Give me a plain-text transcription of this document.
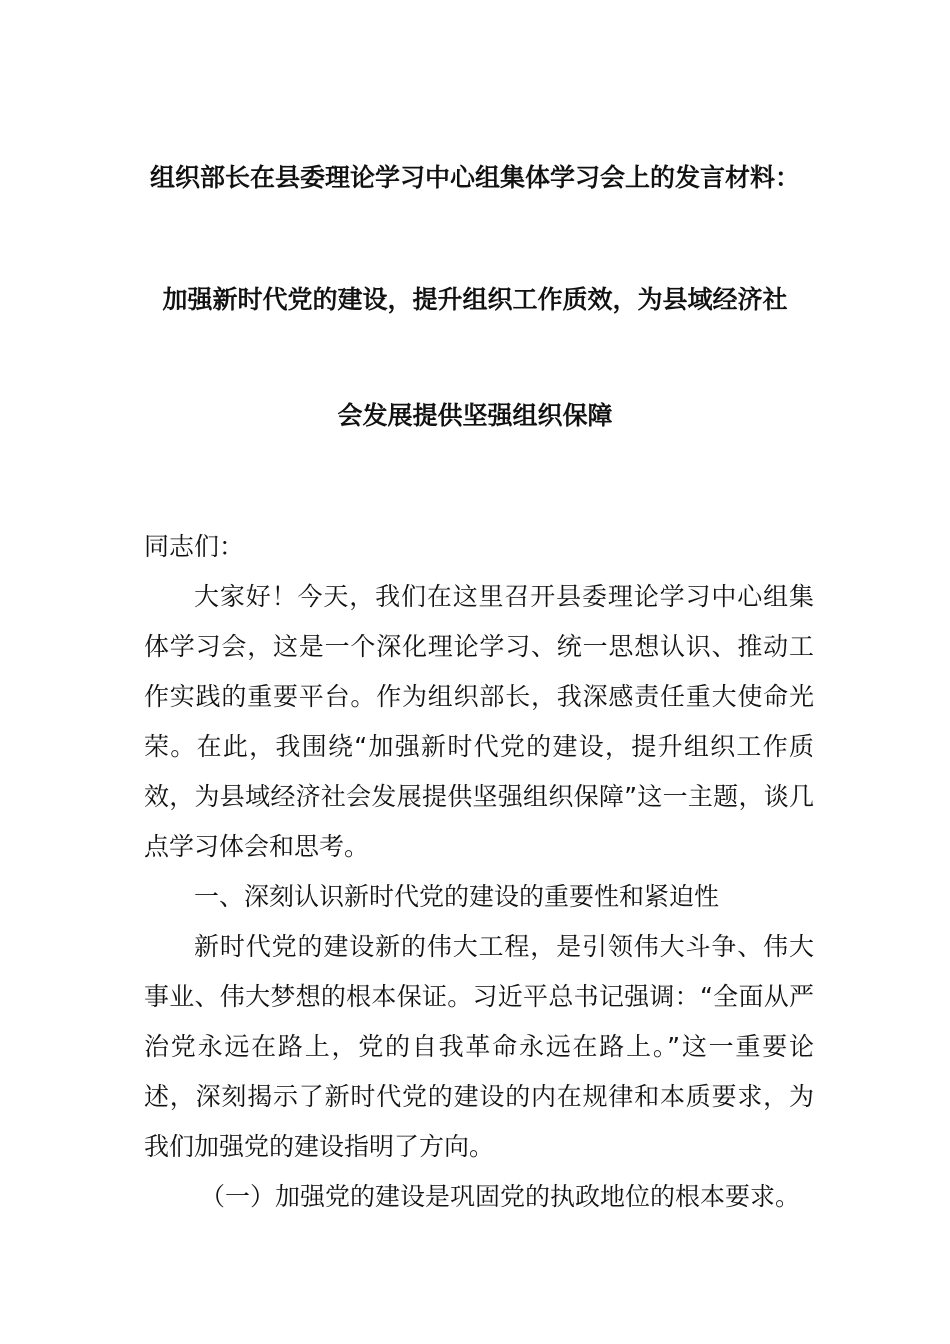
组织部长在县委理论学习中心组集体学习会上的发言材料：
加强新时代党的建设，提升组织工作质效，为县域经济社
会发展提供坚强组织保障

同志们：

大家好！今天，我们在这里召开县委理论学习中心组集体学习会，这是一个深化理论学习、统一思想认识、推动工作实践的重要平台。作为组织部长，我深感责任重大使命光荣。在此，我围绕“加强新时代党的建设，提升组织工作质效，为县域经济社会发展提供坚强组织保障”这一主题，谈几点学习体会和思考。

一、深刻认识新时代党的建设的重要性和紧迫性

新时代党的建设新的伟大工程，是引领伟大斗争、伟大事业、伟大梦想的根本保证。习近平总书记强调：“全面从严治党永远在路上，党的自我革命永远在路上。”这一重要论述，深刻揭示了新时代党的建设的内在规律和本质要求，为我们加强党的建设指明了方向。

（一）加强党的建设是巩固党的执政地位的根本要求。
